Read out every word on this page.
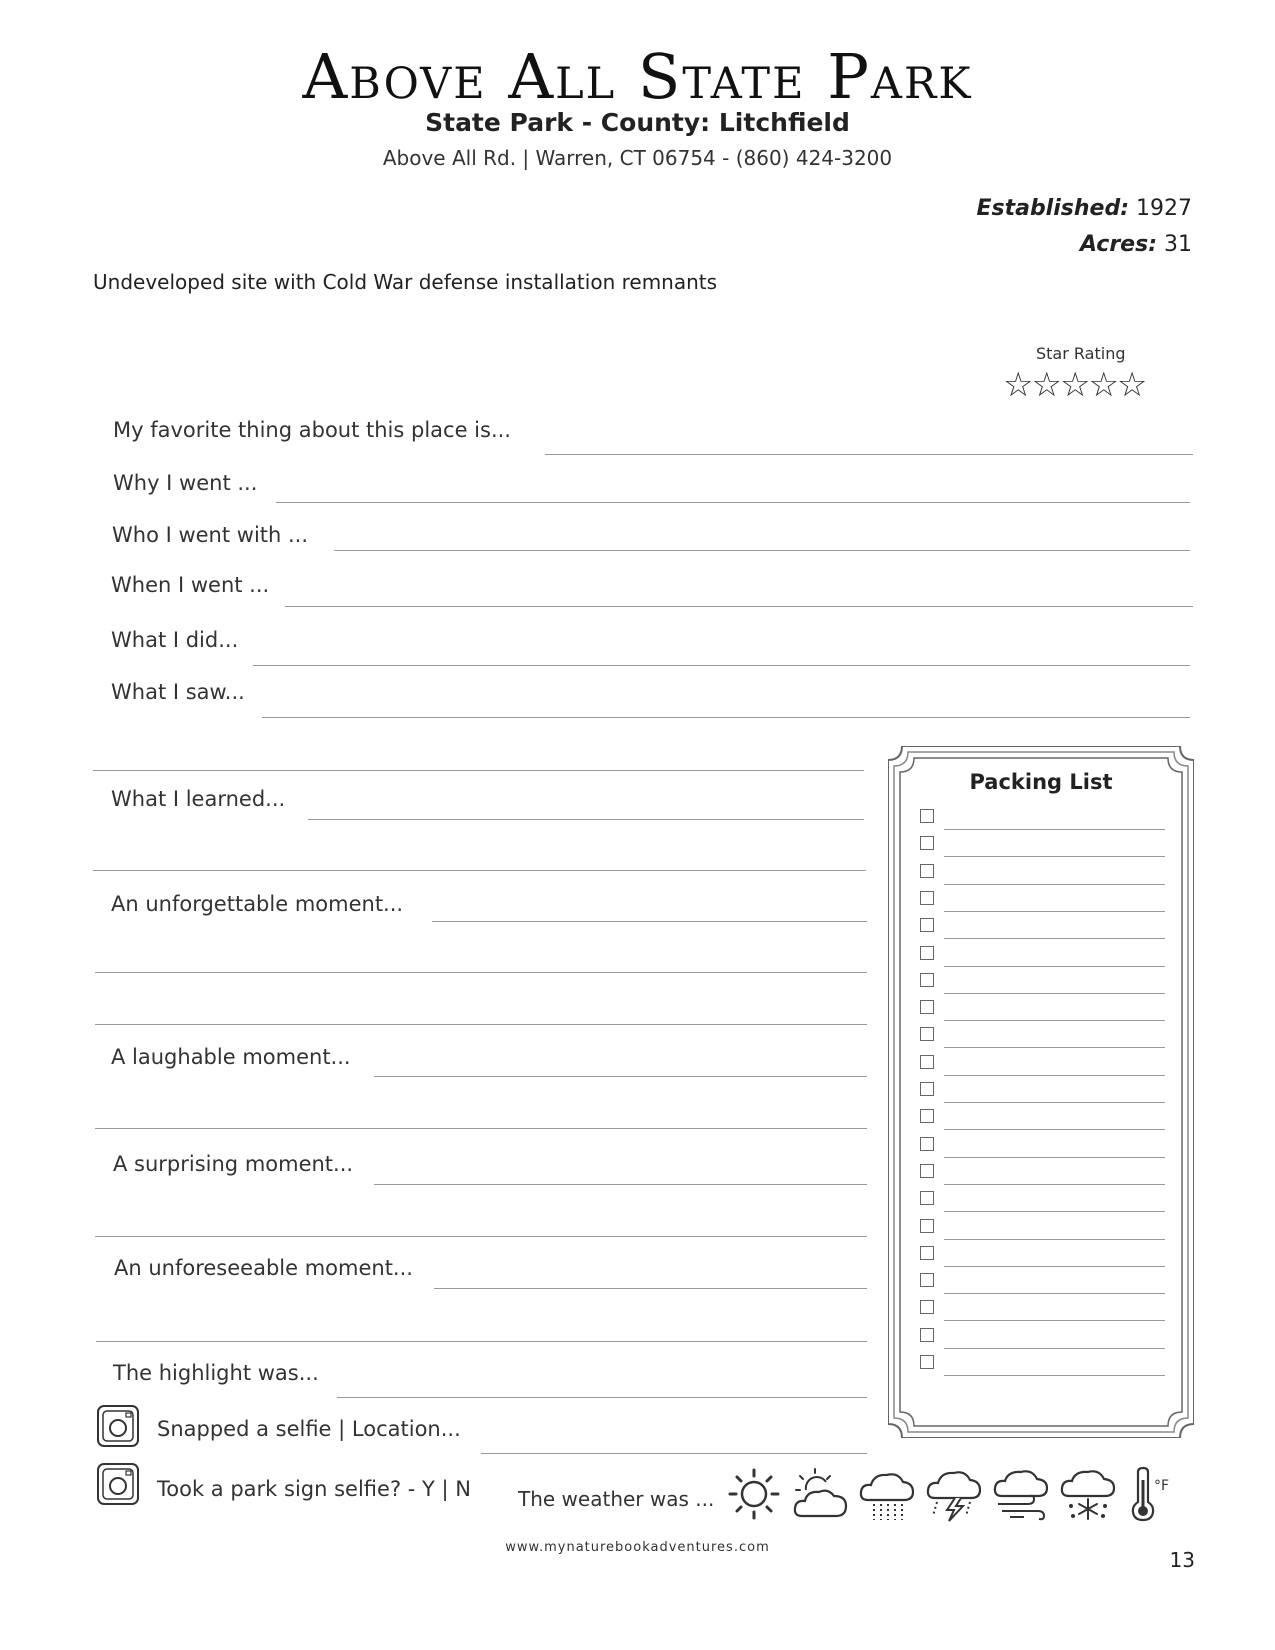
Above All State Park
State Park - County: Litchfield
Above All Rd. | Warren, CT 06754 - (860) 424-3200
Established: 1927
Acres: 31
Undeveloped site with Cold War defense installation remnants
Star Rating
☆☆☆☆☆
My favorite thing about this place is...
Why I went ...
Who I went with ...
When I went ...
What I did...
What I saw...
What I learned...
An unforgettable moment...
A laughable moment...
A surprising moment...
An unforeseeable moment...
The highlight was...
Snapped a selfie | Location...
Took a park sign selfie? - Y | N
Packing List
The weather was ...
°F
www.mynaturebookadventures.com
13
